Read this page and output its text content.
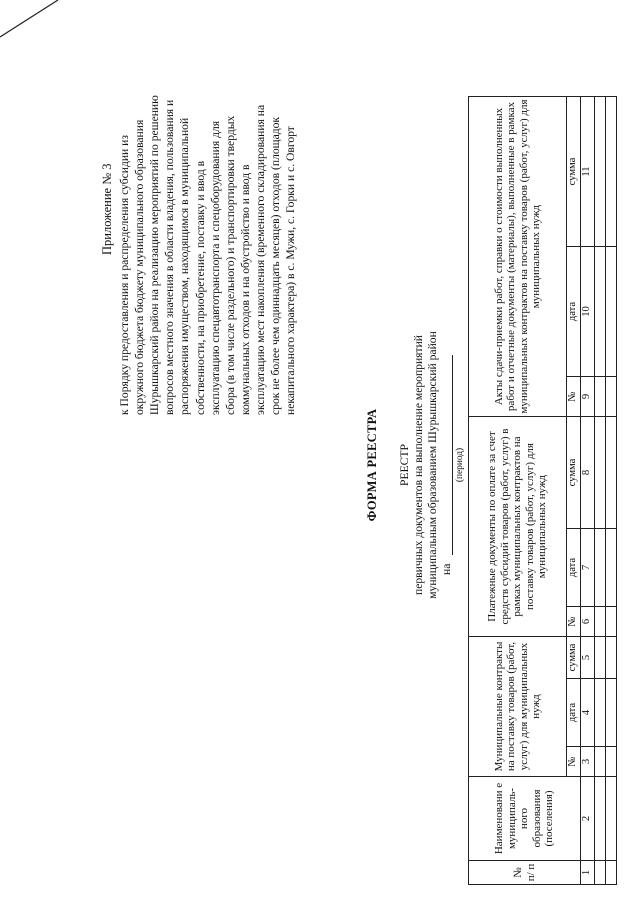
Приложение № 3 к Порядку предоставления и распределения субсидии из окружного бюджета бюджету муниципального образования Шурышкарский район на реализацию мероприятий по решению вопросов местного значения в области владения, пользования и распоряжения имуществом, находящимся в муниципальной собственности, на приобретение, поставку и ввод в эксплуатацию спецавтотранспорта и спецоборудования для сбора (в том числе раздельного) и транспортировки твердых коммунальных отходов и на обустройство и ввод в эксплуатацию мест накопления (временного складирования на срок не более чем одиннадцать месяцев) отходов (площадок некапитального характера) в с. Мужи, с. Горки и с. Овгорт
ФОРМА РЕЕСТРА РЕЕСТР первичных документов на выполнение мероприятий муниципальным образованием Шурышкарский район на
(период)
№ п/ п	Наименовани е муниципаль- ного образования (поселения)	Муниципальные контракты на поставку товаров (работ, услуг) для муниципальных нужд			Платежные документы по оплате за счет средств субсидий товаров (работ, услуг) в рамках муниципальных контрактов на поставку товаров (работ, услуг) для муниципальных нужд			Акты сдачи-приемки работ, справки о стоимости выполненных работ и отчетные документы (материалы), выполненные в рамках муниципальных контрактов на поставку товаров (работ, услуг) для муниципальных нужд		
		№	дата	сумма	№	дата	сумма	№	дата	сумма
1	2	3	4	5	6	7	8	9	10	11
